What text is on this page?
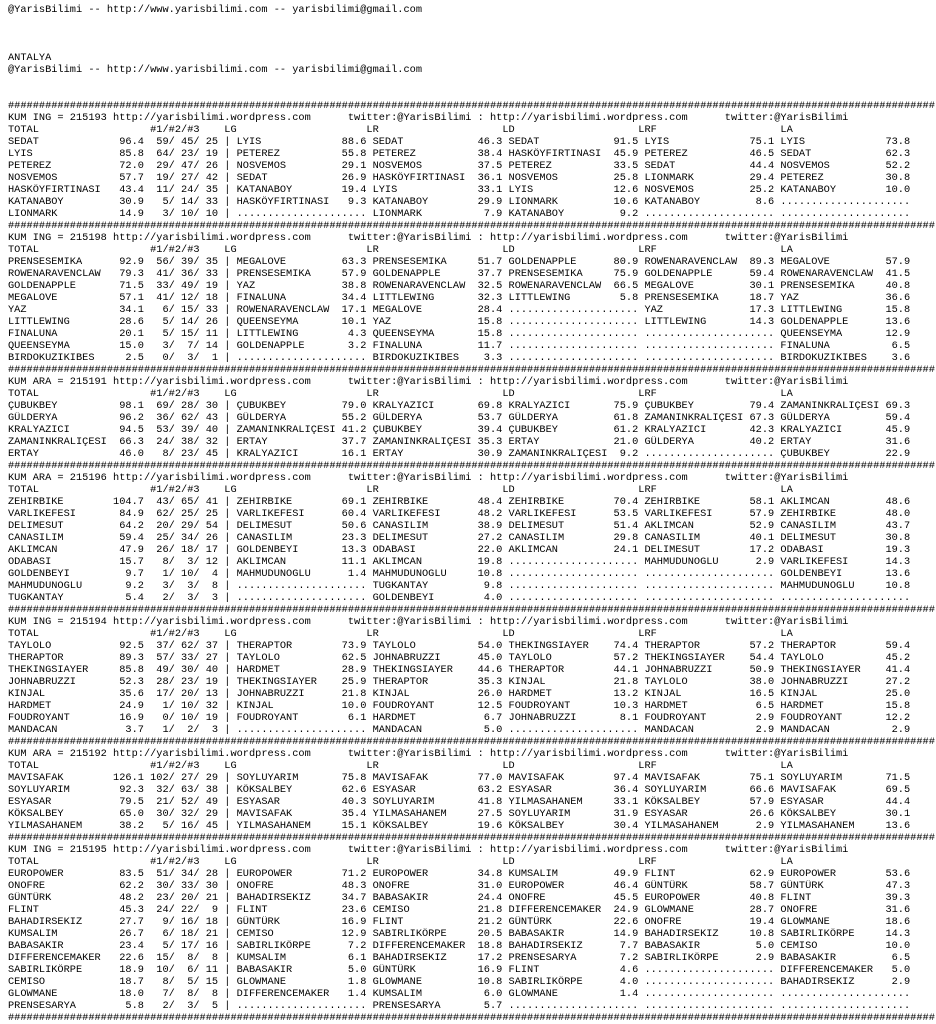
@YarisBilimi -- http://www.yarisbilimi.com -- yarisbilimi@gmail.com
ANTALYA
@YarisBilimi -- http://www.yarisbilimi.com -- yarisbilimi@gmail.com
######################################################################################################################################################
KUM ING = 215193 http://yarisbilimi.wordpress.com      twitter:@YarisBilimi : http://yarisbilimi.wordpress.com      twitter:@YarisBilimi
TOTAL                  #1/#2/#3    LG                     LR                    LD                    LRF                    LA
SEDAT             96.4  59/ 45/ 25 | LYIS             88.6 SEDAT            46.3 SEDAT            91.5 LYIS             75.1 LYIS             73.8
LYIS              85.8  64/ 23/ 19 | PETEREZ          55.8 PETEREZ          38.4 HASKÖYFIRTINASI  45.9 PETEREZ          46.5 SEDAT            62.3
PETEREZ           72.0  29/ 47/ 26 | NOSVEMOS         29.1 NOSVEMOS         37.5 PETEREZ          33.5 SEDAT            44.4 NOSVEMOS         52.2
NOSVEMOS          57.7  19/ 27/ 42 | SEDAT            26.9 HASKÖYFIRTINASI  36.1 NOSVEMOS         25.8 LIONMARK         29.4 PETEREZ          30.8
HASKÖYFIRTINASI   43.4  11/ 24/ 35 | KATANABOY        19.4 LYIS             33.1 LYIS             12.6 NOSVEMOS         25.2 KATANABOY        10.0
KATANABOY         30.9   5/ 14/ 33 | HASKÖYFIRTINASI   9.3 KATANABOY        29.9 LIONMARK         10.6 KATANABOY         8.6 .....................
LIONMARK          14.9   3/ 10/ 10 | ..................... LIONMARK          7.9 KATANABOY         9.2 ..................... .....................
######################################################################################################################################################
KUM ING = 215198 http://yarisbilimi.wordpress.com      twitter:@YarisBilimi : http://yarisbilimi.wordpress.com      twitter:@YarisBilimi
TOTAL                  #1/#2/#3    LG                     LR                    LD                    LRF                    LA
PRENSESEMIKA      92.9  56/ 39/ 35 | MEGALOVE         63.3 PRENSESEMIKA     51.7 GOLDENAPPLE      80.9 ROWENARAVENCLAW  89.3 MEGALOVE         57.9
ROWENARAVENCLAW   79.3  41/ 36/ 33 | PRENSESEMIKA     57.9 GOLDENAPPLE      37.7 PRENSESEMIKA     75.9 GOLDENAPPLE      59.4 ROWENARAVENCLAW  41.5
GOLDENAPPLE       71.5  33/ 49/ 19 | YAZ              38.8 ROWENARAVENCLAW  32.5 ROWENARAVENCLAW  66.5 MEGALOVE         30.1 PRENSESEMIKA     40.8
MEGALOVE          57.1  41/ 12/ 18 | FINALUNA         34.4 LITTLEWING       32.3 LITTLEWING        5.8 PRENSESEMIKA     18.7 YAZ              36.6
YAZ               34.1   6/ 15/ 33 | ROWENARAVENCLAW  17.1 MEGALOVE         28.4 ..................... YAZ              17.3 LITTLEWING       15.8
LITTLEWING        28.6   5/ 14/ 26 | QUEENSEYMA       10.1 YAZ              15.8 ..................... LITTLEWING       14.3 GOLDENAPPLE      13.6
FINALUNA          20.1   5/ 15/ 11 | LITTLEWING        4.3 QUEENSEYMA       15.8 ..................... ..................... QUEENSEYMA       12.9
QUEENSEYMA        15.0   3/  7/ 14 | GOLDENAPPLE       3.2 FINALUNA         11.7 ..................... ..................... FINALUNA          6.5
BIRDOKUZIKIBES     2.5   0/  3/  1 | ..................... BIRDOKUZIKIBES    3.3 ..................... ..................... BIRDOKUZIKIBES    3.6
######################################################################################################################################################
KUM ARA = 215191 http://yarisbilimi.wordpress.com      twitter:@YarisBilimi : http://yarisbilimi.wordpress.com      twitter:@YarisBilimi
TOTAL                  #1/#2/#3    LG                     LR                    LD                    LRF                    LA
ÇUBUKBEY          98.1  69/ 28/ 30 | ÇUBUKBEY         79.0 KRALYAZICI       69.8 KRALYAZICI       75.9 ÇUBUKBEY         79.4 ZAMANINKRALIÇESI 69.3
GÜLDERYA          96.2  36/ 62/ 43 | GÜLDERYA         55.2 GÜLDERYA         53.7 GÜLDERYA         61.8 ZAMANINKRALIÇESI 67.3 GÜLDERYA         59.4
KRALYAZICI        94.5  53/ 39/ 40 | ZAMANINKRALIÇESI 41.2 ÇUBUKBEY         39.4 ÇUBUKBEY         61.2 KRALYAZICI       42.3 KRALYAZICI       45.9
ZAMANINKRALIÇESI  66.3  24/ 38/ 32 | ERTAY            37.7 ZAMANINKRALIÇESI 35.3 ERTAY            21.0 GÜLDERYA         40.2 ERTAY            31.6
ERTAY             46.0   8/ 23/ 45 | KRALYAZICI       16.1 ERTAY            30.9 ZAMANINKRALIÇESI  9.2 ..................... ÇUBUKBEY         22.9
######################################################################################################################################################
KUM ARA = 215196 http://yarisbilimi.wordpress.com      twitter:@YarisBilimi : http://yarisbilimi.wordpress.com      twitter:@YarisBilimi
TOTAL                  #1/#2/#3    LG                     LR                    LD                    LRF                    LA
ZEHIRBIKE        104.7  43/ 65/ 41 | ZEHIRBIKE        69.1 ZEHIRBIKE        48.4 ZEHIRBIKE        70.4 ZEHIRBIKE        58.1 AKLIMCAN         48.6
VARLIKEFESI       84.9  62/ 25/ 25 | VARLIKEFESI      60.4 VARLIKEFESI      48.2 VARLIKEFESI      53.5 VARLIKEFESI      57.9 ZEHIRBIKE        48.0
DELIMESUT         64.2  20/ 29/ 54 | DELIMESUT        50.6 CANASILIM        38.9 DELIMESUT        51.4 AKLIMCAN         52.9 CANASILIM        43.7
CANASILIM         59.4  25/ 34/ 26 | CANASILIM        23.3 DELIMESUT        27.2 CANASILIM        29.8 CANASILIM        40.1 DELIMESUT        30.8
AKLIMCAN          47.9  26/ 18/ 17 | GOLDENBEYI       13.3 ODABASI          22.0 AKLIMCAN         24.1 DELIMESUT        17.2 ODABASI          19.3
ODABASI           15.7   8/  3/ 12 | AKLIMCAN         11.1 AKLIMCAN         19.8 ..................... MAHMUDUNOGLU      2.9 VARLIKEFESI      14.3
GOLDENBEYI         9.7   1/ 10/  4 | MAHMUDUNOGLU      1.4 MAHMUDUNOGLU     10.8 ..................... ..................... GOLDENBEYI       13.6
MAHMUDUNOGLU       9.2   3/  3/  8 | ..................... TUGKANTAY         9.8 ..................... ..................... MAHMUDUNOGLU     10.8
TUGKANTAY          5.4   2/  3/  3 | ..................... GOLDENBEYI        4.0 ..................... ..................... .....................
######################################################################################################################################################
KUM ING = 215194 http://yarisbilimi.wordpress.com      twitter:@YarisBilimi : http://yarisbilimi.wordpress.com      twitter:@YarisBilimi
TOTAL                  #1/#2/#3    LG                     LR                    LD                    LRF                    LA
TAYLOLO           92.5  37/ 62/ 37 | THERAPTOR        73.9 TAYLOLO          54.0 THEKINGSIAYER    74.4 THERAPTOR        57.2 THERAPTOR        59.4
THERAPTOR         89.3  57/ 33/ 27 | TAYLOLO          62.5 JOHNABRUZZI      45.0 TAYLOLO          57.2 THEKINGSIAYER    54.4 TAYLOLO          45.2
THEKINGSIAYER     85.8  49/ 30/ 40 | HARDMET          28.9 THEKINGSIAYER    44.6 THERAPTOR        44.1 JOHNABRUZZI      50.9 THEKINGSIAYER    41.4
JOHNABRUZZI       52.3  28/ 23/ 19 | THEKINGSIAYER    25.9 THERAPTOR        35.3 KINJAL           21.8 TAYLOLO          38.0 JOHNABRUZZI      27.2
KINJAL            35.6  17/ 20/ 13 | JOHNABRUZZI      21.8 KINJAL           26.0 HARDMET          13.2 KINJAL           16.5 KINJAL           25.0
HARDMET           24.9   1/ 10/ 32 | KINJAL           10.0 FOUDROYANT       12.5 FOUDROYANT       10.3 HARDMET           6.5 HARDMET          15.8
FOUDROYANT        16.9   0/ 10/ 19 | FOUDROYANT        6.1 HARDMET           6.7 JOHNABRUZZI       8.1 FOUDROYANT        2.9 FOUDROYANT       12.2
MANDACAN           3.7   1/  2/  3 | ..................... MANDACAN          5.0 ..................... MANDACAN          2.9 MANDACAN          2.9
######################################################################################################################################################
KUM ARA = 215192 http://yarisbilimi.wordpress.com      twitter:@YarisBilimi : http://yarisbilimi.wordpress.com      twitter:@YarisBilimi
TOTAL                  #1/#2/#3    LG                     LR                    LD                    LRF                    LA
MAVISAFAK        126.1 102/ 27/ 29 | SOYLUYARIM       75.8 MAVISAFAK        77.0 MAVISAFAK        97.4 MAVISAFAK        75.1 SOYLUYARIM       71.5
SOYLUYARIM        92.3  32/ 63/ 38 | KÖKSALBEY        62.6 ESYASAR          63.2 ESYASAR          36.4 SOYLUYARIM       66.6 MAVISAFAK        69.5
ESYASAR           79.5  21/ 52/ 49 | ESYASAR          40.3 SOYLUYARIM       41.8 YILMASAHANEM     33.1 KÖKSALBEY        57.9 ESYASAR          44.4
KÖKSALBEY         65.0  30/ 32/ 29 | MAVISAFAK        35.4 YILMASAHANEM     27.5 SOYLUYARIM       31.9 ESYASAR          26.6 KÖKSALBEY        30.1
YILMASAHANEM      38.2   5/ 16/ 45 | YILMASAHANEM     15.1 KÖKSALBEY        19.6 KÖKSALBEY        30.4 YILMASAHANEM      2.9 YILMASAHANEM     13.6
######################################################################################################################################################
KUM ING = 215195 http://yarisbilimi.wordpress.com      twitter:@YarisBilimi : http://yarisbilimi.wordpress.com      twitter:@YarisBilimi
TOTAL                  #1/#2/#3    LG                     LR                    LD                    LRF                    LA
EUROPOWER         83.5  51/ 34/ 28 | EUROPOWER        71.2 EUROPOWER        34.8 KUMSALIM         49.9 FLINT            62.9 EUROPOWER        53.6
ONOFRE            62.2  30/ 33/ 30 | ONOFRE           48.3 ONOFRE           31.0 EUROPOWER        46.4 GÜNTÜRK          58.7 GÜNTÜRK          47.3
GÜNTÜRK           48.2  23/ 20/ 21 | BAHADIRSEKIZ     34.7 BABASAKIR        24.4 ONOFRE           45.5 EUROPOWER        40.8 FLINT            39.3
FLINT             45.3  24/ 22/  9 | FLINT            23.6 CEMISO           21.8 DIFFERENCEMAKER  24.9 GLOWMANE         28.7 ONOFRE           31.6
BAHADIRSEKIZ      27.7   9/ 16/ 18 | GÜNTÜRK          16.9 FLINT            21.2 GÜNTÜRK          22.6 ONOFRE           19.4 GLOWMANE         18.6
KUMSALIM          26.7   6/ 18/ 21 | CEMISO           12.9 SABIRLIKÖRPE     20.5 BABASAKIR        14.9 BAHADIRSEKIZ     10.8 SABIRLIKÖRPE     14.3
BABASAKIR         23.4   5/ 17/ 16 | SABIRLIKÖRPE      7.2 DIFFERENCEMAKER  18.8 BAHADIRSEKIZ      7.7 BABASAKIR         5.0 CEMISO           10.0
DIFFERENCEMAKER   22.6  15/  8/  8 | KUMSALIM          6.1 BAHADIRSEKIZ     17.2 PRENSESARYA       7.2 SABIRLIKÖRPE      2.9 BABASAKIR         6.5
SABIRLIKÖRPE      18.9  10/  6/ 11 | BABASAKIR         5.0 GÜNTÜRK          16.9 FLINT             4.6 ..................... DIFFERENCEMAKER   5.0
CEMISO            18.7   8/  5/ 15 | GLOWMANE          1.8 GLOWMANE         10.8 SABIRLIKÖRPE      4.0 ..................... BAHADIRSEKIZ      2.9
GLOWMANE          18.0   7/  8/  8 | DIFFERENCEMAKER   1.4 KUMSALIM          6.0 GLOWMANE          1.4 ..................... .....................
PRENSESARYA        5.8   2/  3/  5 | ..................... PRENSESARYA       5.7 ..................... ..................... .....................
######################################################################################################################################################
